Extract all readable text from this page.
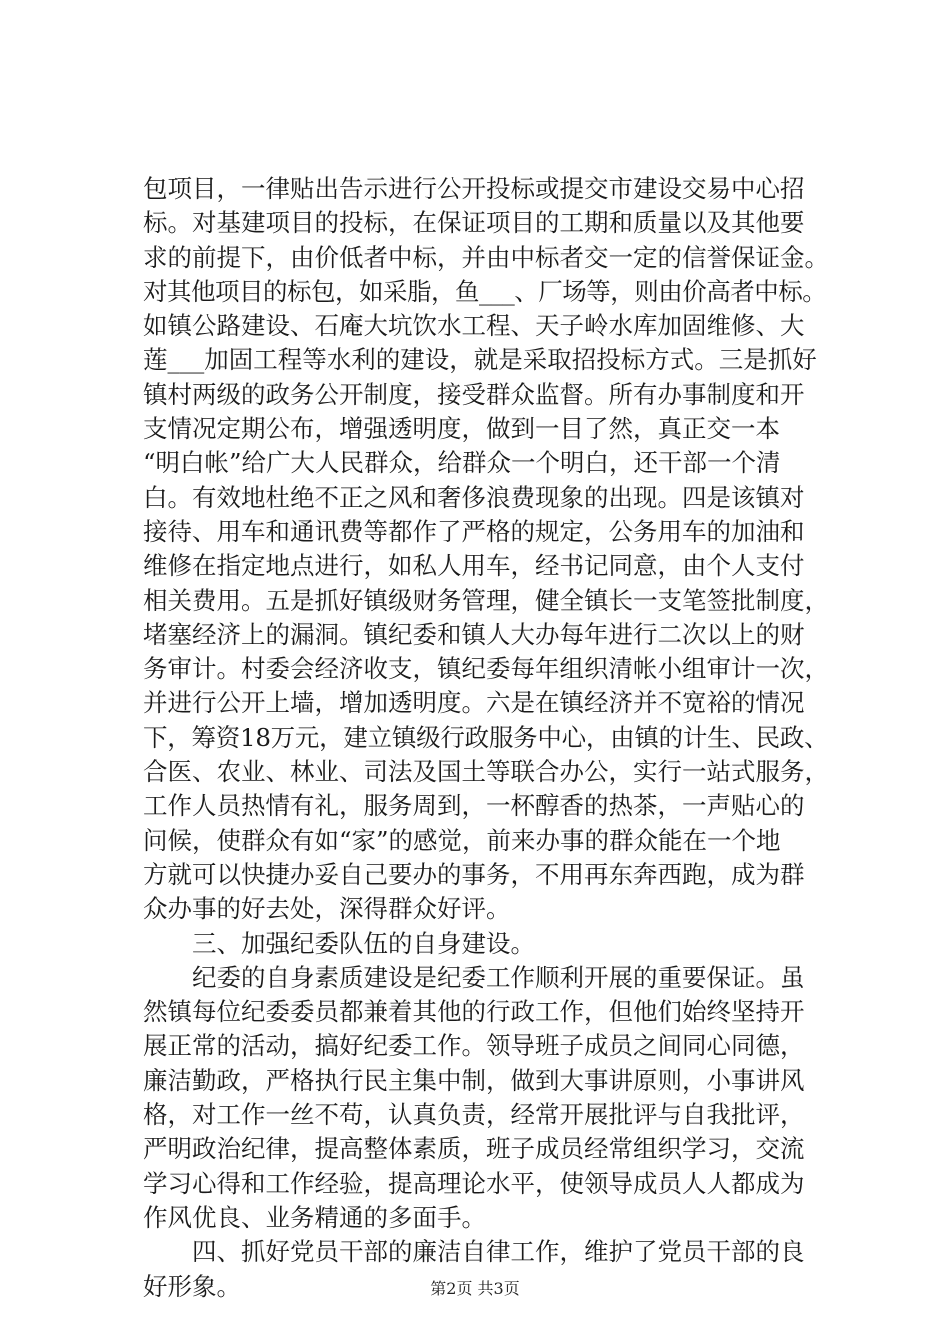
包项目，一律贴出告示进行公开投标或提交市建设交易中心招
标。对基建项目的投标，在保证项目的工期和质量以及其他要
求的前提下，由价低者中标，并由中标者交一定的信誉保证金。
对其他项目的标包，如采脂，鱼___、厂场等，则由价高者中标。
如镇公路建设、石庵大坑饮水工程、天子岭水库加固维修、大
莲___加固工程等水利的建设，就是采取招投标方式。三是抓好
镇村两级的政务公开制度，接受群众监督。所有办事制度和开
支情况定期公布，增强透明度，做到一目了然，真正交一本
“明白帐”给广大人民群众，给群众一个明白，还干部一个清
白。有效地杜绝不正之风和奢侈浪费现象的出现。四是该镇对
接待、用车和通讯费等都作了严格的规定，公务用车的加油和
维修在指定地点进行，如私人用车，经书记同意，由个人支付
相关费用。五是抓好镇级财务管理，健全镇长一支笔签批制度，
堵塞经济上的漏洞。镇纪委和镇人大办每年进行二次以上的财
务审计。村委会经济收支，镇纪委每年组织清帐小组审计一次，
并进行公开上墙，增加透明度。六是在镇经济并不宽裕的情况
下，筹资18万元，建立镇级行政服务中心，由镇的计生、民政、
合医、农业、林业、司法及国土等联合办公，实行一站式服务，
工作人员热情有礼，服务周到，一杯醇香的热茶，一声贴心的
问候，使群众有如“家”的感觉，前来办事的群众能在一个地
方就可以快捷办妥自己要办的事务，不用再东奔西跑，成为群
众办事的好去处，深得群众好评。
　　三、加强纪委队伍的自身建设。
　　纪委的自身素质建设是纪委工作顺利开展的重要保证。虽
然镇每位纪委委员都兼着其他的行政工作，但他们始终坚持开
展正常的活动，搞好纪委工作。领导班子成员之间同心同德，
廉洁勤政，严格执行民主集中制，做到大事讲原则，小事讲风
格，对工作一丝不苟，认真负责，经常开展批评与自我批评，
严明政治纪律，提高整体素质，班子成员经常组织学习，交流
学习心得和工作经验，提高理论水平，使领导成员人人都成为
作风优良、业务精通的多面手。
　　四、抓好党员干部的廉洁自律工作，维护了党员干部的良
好形象。	第2页 共3页
